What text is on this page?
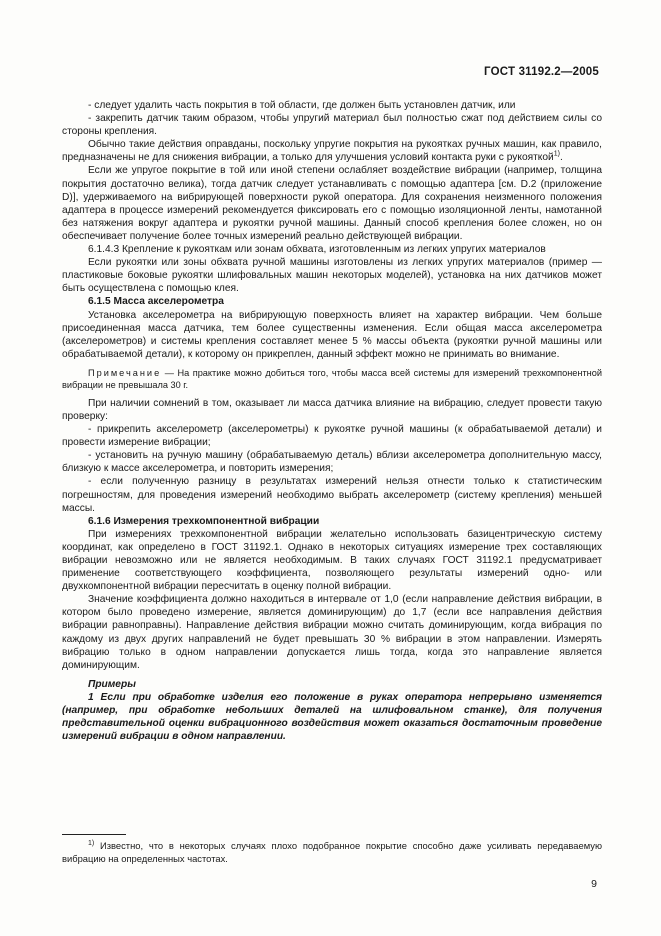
ГОСТ 31192.2—2005

- следует удалить часть покрытия в той области, где должен быть установлен датчик, или

- закрепить датчик таким образом, чтобы упругий материал был полностью сжат под действием силы со стороны крепления.

Обычно такие действия оправданы, поскольку упругие покрытия на рукоятках ручных машин, как правило, предназначены не для снижения вибрации, а только для улучшения условий контакта руки с рукояткой$^{1)}$.

Если же упругое покрытие в той или иной степени ослабляет воздействие вибрации (например, толщина покрытия достаточно велика), тогда датчик следует устанавливать с помощью адаптера [см. D.2 (приложение D)], удерживаемого на вибрирующей поверхности рукой оператора. Для сохранения неизменного положения адаптера в процессе измерений рекомендуется фиксировать его с помощью изоляционной ленты, намотанной без натяжения вокруг адаптера и рукоятки ручной машины. Данный способ крепления более сложен, но он обеспечивает получение более точных измерений реально действующей вибрации.

6.1.4.3 Крепление к рукояткам или зонам обхвата, изготовленным из легких упругих материалов

Если рукоятки или зоны обхвата ручной машины изготовлены из легких упругих материалов (пример — пластиковые боковые рукоятки шлифовальных машин некоторых моделей), установка на них датчиков может быть осуществлена с помощью клея.

6.1.5 Масса акселерометра

Установка акселерометра на вибрирующую поверхность влияет на характер вибрации. Чем больше присоединенная масса датчика, тем более существенны изменения. Если общая масса акселерометра (акселерометров) и системы крепления составляет менее 5 % массы объекта (рукоятки ручной машины или обрабатываемой детали), к которому он прикреплен, данный эффект можно не принимать во внимание.

Примечание — На практике можно добиться того, чтобы масса всей системы для измерений трехкомпонентной вибрации не превышала 30 г.

При наличии сомнений в том, оказывает ли масса датчика влияние на вибрацию, следует провести такую проверку:

- прикрепить акселерометр (акселерометры) к рукоятке ручной машины (к обрабатываемой детали) и провести измерение вибрации;

- установить на ручную машину (обрабатываемую деталь) вблизи акселерометра дополнительную массу, близкую к массе акселерометра, и повторить измерения;

- если полученную разницу в результатах измерений нельзя отнести только к статистическим погрешностям, для проведения измерений необходимо выбрать акселерометр (систему крепления) меньшей массы.

6.1.6 Измерения трехкомпонентной вибрации

При измерениях трехкомпонентной вибрации желательно использовать базицентрическую систему координат, как определено в ГОСТ 31192.1. Однако в некоторых ситуациях измерение трех составляющих вибрации невозможно или не является необходимым. В таких случаях ГОСТ 31192.1 предусматривает применение соответствующего коэффициента, позволяющего результаты измерений одно- или двухкомпонентной вибрации пересчитать в оценку полной вибрации.

Значение коэффициента должно находиться в интервале от 1,0 (если направление действия вибрации, в котором было проведено измерение, является доминирующим) до 1,7 (если все направления действия вибрации равноправны). Направление действия вибрации можно считать доминирующим, когда вибрация по каждому из двух других направлений не будет превышать 30 % вибрации в этом направлении. Измерять вибрацию только в одном направлении допускается лишь тогда, когда это направление является доминирующим.

Примеры

1 Если при обработке изделия его положение в руках оператора непрерывно изменяется (например, при обработке небольших деталей на шлифовальном станке), для получения представительной оценки вибрационного воздействия может оказаться достаточным проведение измерений вибрации в одном направлении.

$^{1)}$ Известно, что в некоторых случаях плохо подобранное покрытие способно даже усиливать передаваемую вибрацию на определенных частотах.

9
